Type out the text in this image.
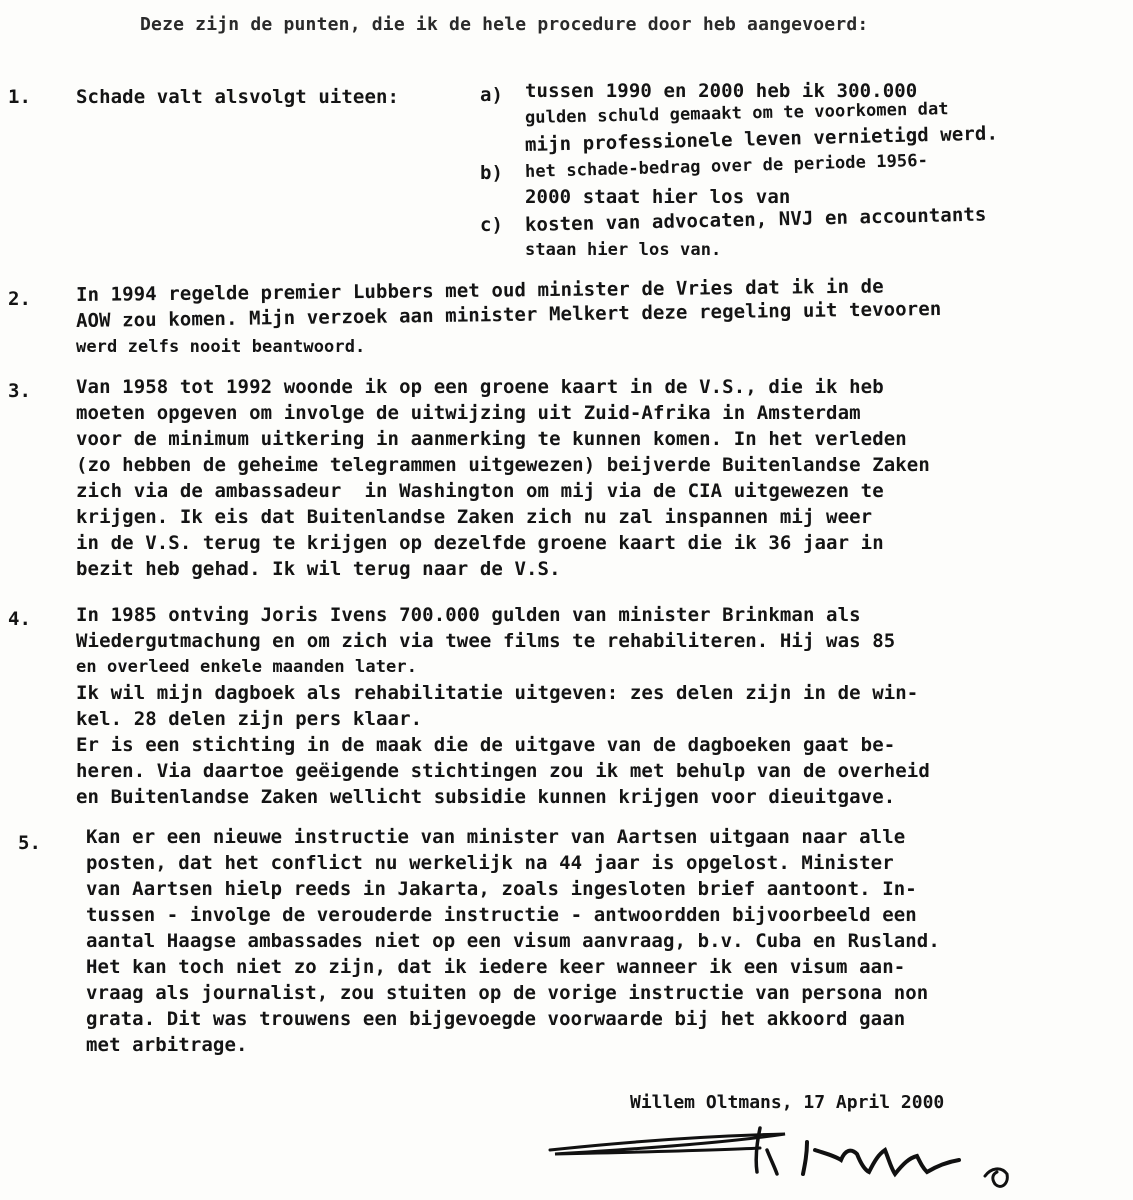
Deze zijn de punten, die ik de hele procedure door heb aangevoerd:
1. Schade valt alsvolgt uiteen:	a) tussen 1990 en 2000 heb ik 300.000
gulden schuld gemaakt om te voorkomen dat
mijn professionele leven vernietigd werd.
b) het schade-bedrag over de periode 1956-
2000 staat hier los van
c) kosten van advocaten, NVJ en accountants
staan hier los van.
2. In 1994 regelde premier Lubbers met oud minister de Vries dat ik in de
AOW zou komen. Mijn verzoek aan minister Melkert deze regeling uit tevooren
werd zelfs nooit beantwoord.
3. Van 1958 tot 1992 woonde ik op een groene kaart in de V.S., die ik heb
moeten opgeven om involge de uitwijzing uit Zuid-Afrika in Amsterdam
voor de minimum uitkering in aanmerking te kunnen komen. In het verleden
(zo hebben de geheime telegrammen uitgewezen) beijverde Buitenlandse Zaken
zich via de ambassadeur  in Washington om mij via de CIA uitgewezen te
krijgen. Ik eis dat Buitenlandse Zaken zich nu zal inspannen mij weer
in de V.S. terug te krijgen op dezelfde groene kaart die ik 36 jaar in
bezit heb gehad. Ik wil terug naar de V.S.
4. In 1985 ontving Joris Ivens 700.000 gulden van minister Brinkman als
Wiedergutmachung en om zich via twee films te rehabiliteren. Hij was 85
en overleed enkele maanden later.
Ik wil mijn dagboek als rehabilitatie uitgeven: zes delen zijn in de win-
kel. 28 delen zijn pers klaar.
Er is een stichting in de maak die de uitgave van de dagboeken gaat be-
heren. Via daartoe geëigende stichtingen zou ik met behulp van de overheid
en Buitenlandse Zaken wellicht subsidie kunnen krijgen voor dieuitgave.
5. Kan er een nieuwe instructie van minister van Aartsen uitgaan naar alle
posten, dat het conflict nu werkelijk na 44 jaar is opgelost. Minister
van Aartsen hielp reeds in Jakarta, zoals ingesloten brief aantoont. In-
tussen - involge de verouderde instructie - antwoordden bijvoorbeeld een
aantal Haagse ambassades niet op een visum aanvraag, b.v. Cuba en Rusland.
Het kan toch niet zo zijn, dat ik iedere keer wanneer ik een visum aan-
vraag als journalist, zou stuiten op de vorige instructie van persona non
grata. Dit was trouwens een bijgevoegde voorwaarde bij het akkoord gaan
met arbitrage.
Willem Oltmans, 17 April 2000
